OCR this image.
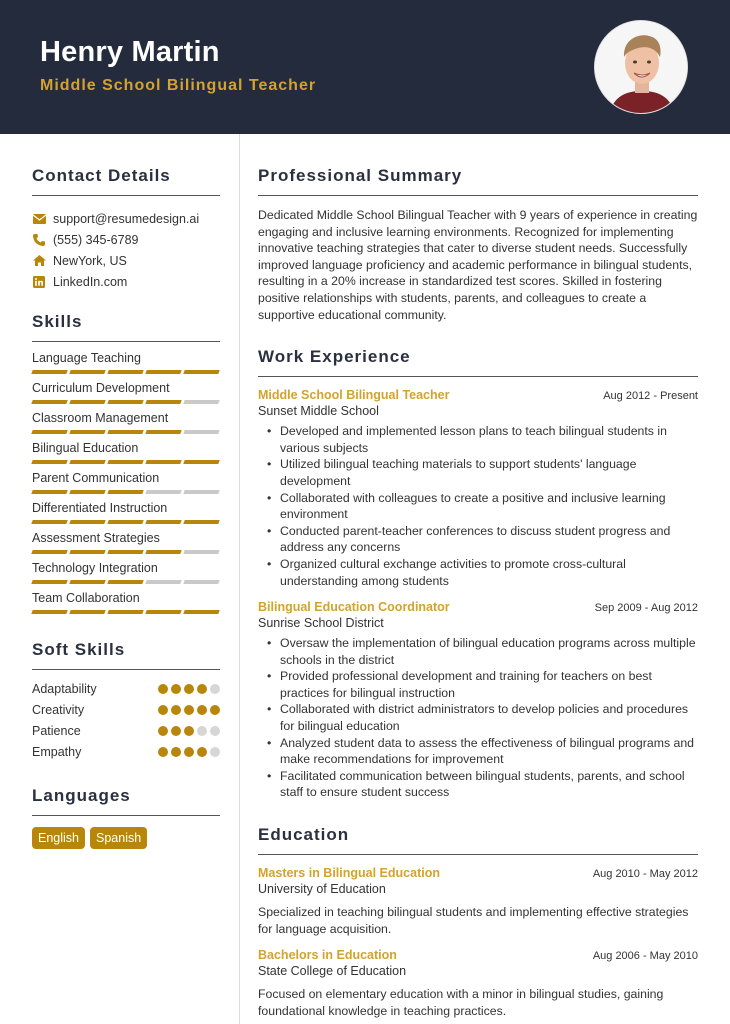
Henry Martin
Middle School Bilingual Teacher
Contact Details
support@resumedesign.ai
(555) 345-6789
NewYork, US
LinkedIn.com
Skills
Language Teaching
Curriculum Development
Classroom Management
Bilingual Education
Parent Communication
Differentiated Instruction
Assessment Strategies
Technology Integration
Team Collaboration
Soft Skills
Adaptability
Creativity
Patience
Empathy
Languages
English	Spanish
Professional Summary
Dedicated Middle School Bilingual Teacher with 9 years of experience in creating engaging and inclusive learning environments. Recognized for implementing innovative teaching strategies that cater to diverse student needs. Successfully improved language proficiency and academic performance in bilingual students, resulting in a 20% increase in standardized test scores. Skilled in fostering positive relationships with students, parents, and colleagues to create a supportive educational community.
Work Experience
Middle School Bilingual Teacher	Aug 2012 - Present
Sunset Middle School
• Developed and implemented lesson plans to teach bilingual students in various subjects
• Utilized bilingual teaching materials to support students' language development
• Collaborated with colleagues to create a positive and inclusive learning environment
• Conducted parent-teacher conferences to discuss student progress and address any concerns
• Organized cultural exchange activities to promote cross-cultural understanding among students
Bilingual Education Coordinator	Sep 2009 - Aug 2012
Sunrise School District
• Oversaw the implementation of bilingual education programs across multiple schools in the district
• Provided professional development and training for teachers on best practices for bilingual instruction
• Collaborated with district administrators to develop policies and procedures for bilingual education
• Analyzed student data to assess the effectiveness of bilingual programs and make recommendations for improvement
• Facilitated communication between bilingual students, parents, and school staff to ensure student success
Education
Masters in Bilingual Education	Aug 2010 - May 2012
University of Education
Specialized in teaching bilingual students and implementing effective strategies for language acquisition.
Bachelors in Education	Aug 2006 - May 2010
State College of Education
Focused on elementary education with a minor in bilingual studies, gaining foundational knowledge in teaching practices.
